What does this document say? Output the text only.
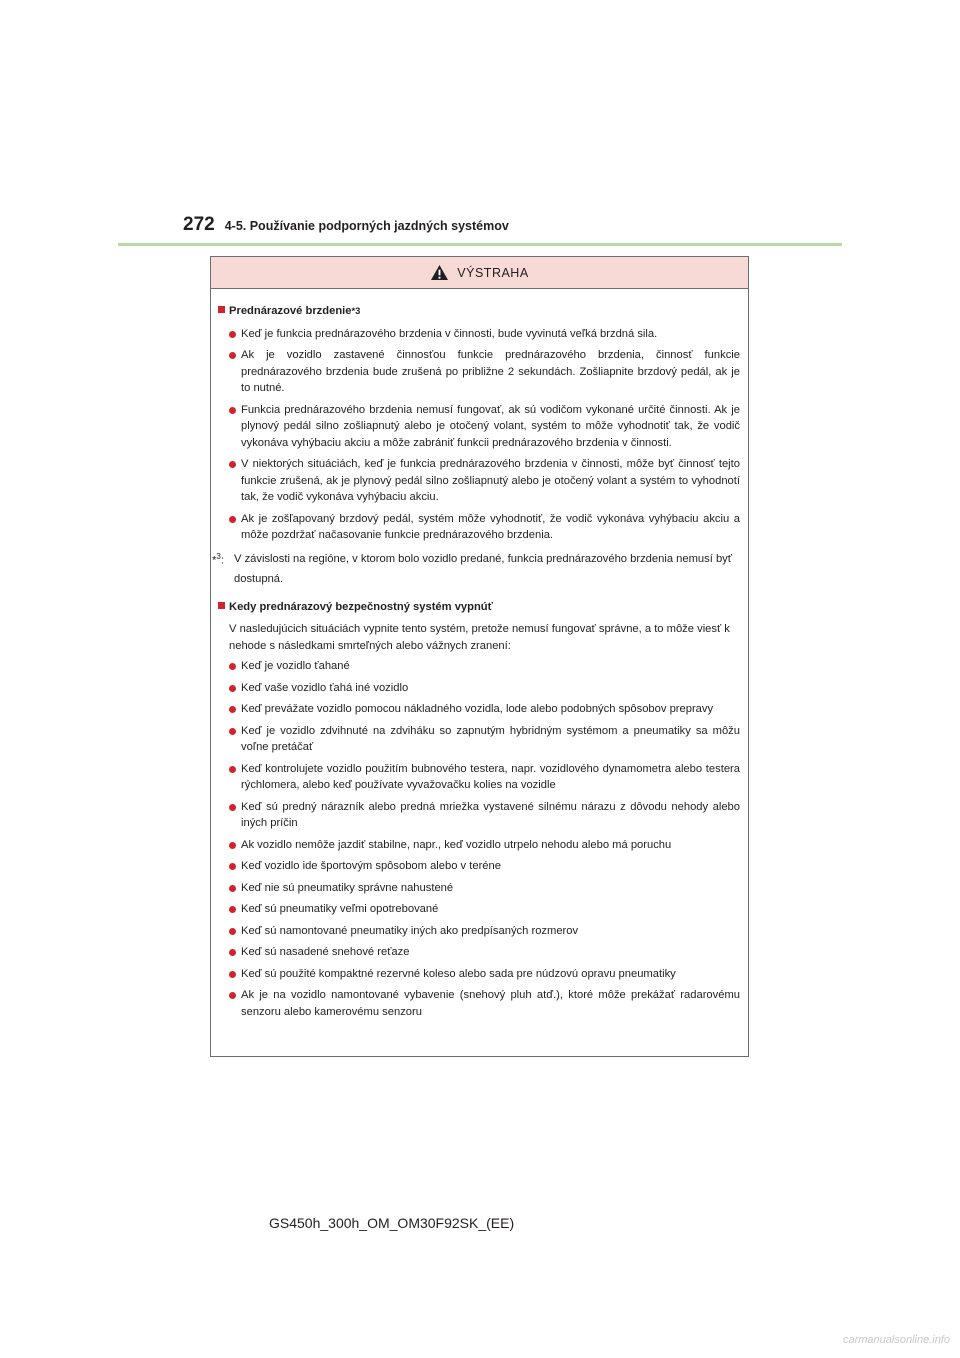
272 4-5. Používanie podporných jazdných systémov
VÝSTRAHA
Prednárazové brzdenie *3
Keď je funkcia prednárazového brzdenia v činnosti, bude vyvinutá veľká brzdná sila.
Ak je vozidlo zastavené činnosťou funkcie prednárazového brzdenia, činnosť funkcie prednárazového brzdenia bude zrušená po približne 2 sekundách. Zošliapnite brzdový pedál, ak je to nutné.
Funkcia prednárazového brzdenia nemusí fungovať, ak sú vodičom vykonané určité činnosti. Ak je plynový pedál silno zošliapnutý alebo je otočený volant, systém to môže vyhodnotiť tak, že vodič vykonáva vyhýbaciu akciu a môže zabrániť funkcii prednárazového brzdenia v činnosti.
V niektorých situáciách, keď je funkcia prednárazového brzdenia v činnosti, môže byť činnosť tejto funkcie zrušená, ak je plynový pedál silno zošliapnutý alebo je otočený volant a systém to vyhodnotí tak, že vodič vykonáva vyhýbaciu akciu.
Ak je zošľapovaný brzdový pedál, systém môže vyhodnotiť, že vodič vykonáva vyhýbaciu akciu a môže pozdržať načasovanie funkcie prednárazového brzdenia.
*$^3$: V závislosti na regióne, v ktorom bolo vozidlo predané, funkcia prednárazového brzdenia nemusí byť dostupná.
Kedy prednárazový bezpečnostný systém vypnúť
V nasledujúcich situáciách vypnite tento systém, pretože nemusí fungovať správne, a to môže viesť k nehode s následkami smrteľných alebo vážnych zranení:
Keď je vozidlo ťahané
Keď vaše vozidlo ťahá iné vozidlo
Keď prevážate vozidlo pomocou nákladného vozidla, lode alebo podobných spôsobov prepravy
Keď je vozidlo zdvihnuté na zdviháku so zapnutým hybridným systémom a pneumatiky sa môžu voľne pretáčať
Keď kontrolujete vozidlo použitím bubnového testera, napr. vozidlového dynamometra alebo testera rýchlomera, alebo keď používate vyvažovačku kolies na vozidle
Keď sú predný nárazník alebo predná mriežka vystavené silnému nárazu z dôvodu nehody alebo iných príčin
Ak vozidlo nemôže jazdiť stabilne, napr., keď vozidlo utrpelo nehodu alebo má poruchu
Keď vozidlo ide športovým spôsobom alebo v teréne
Keď nie sú pneumatiky správne nahustené
Keď sú pneumatiky veľmi opotrebované
Keď sú namontované pneumatiky iných ako predpísaných rozmerov
Keď sú nasadené snehové reťaze
Keď sú použité kompaktné rezervné koleso alebo sada pre núdzovú opravu pneumatiky
Ak je na vozidlo namontované vybavenie (snehový pluh atď.), ktoré môže prekážať radarovému senzoru alebo kamerovému senzoru
GS450h_300h_OM_OM30F92SK_(EE)
carmanualsonline.info
